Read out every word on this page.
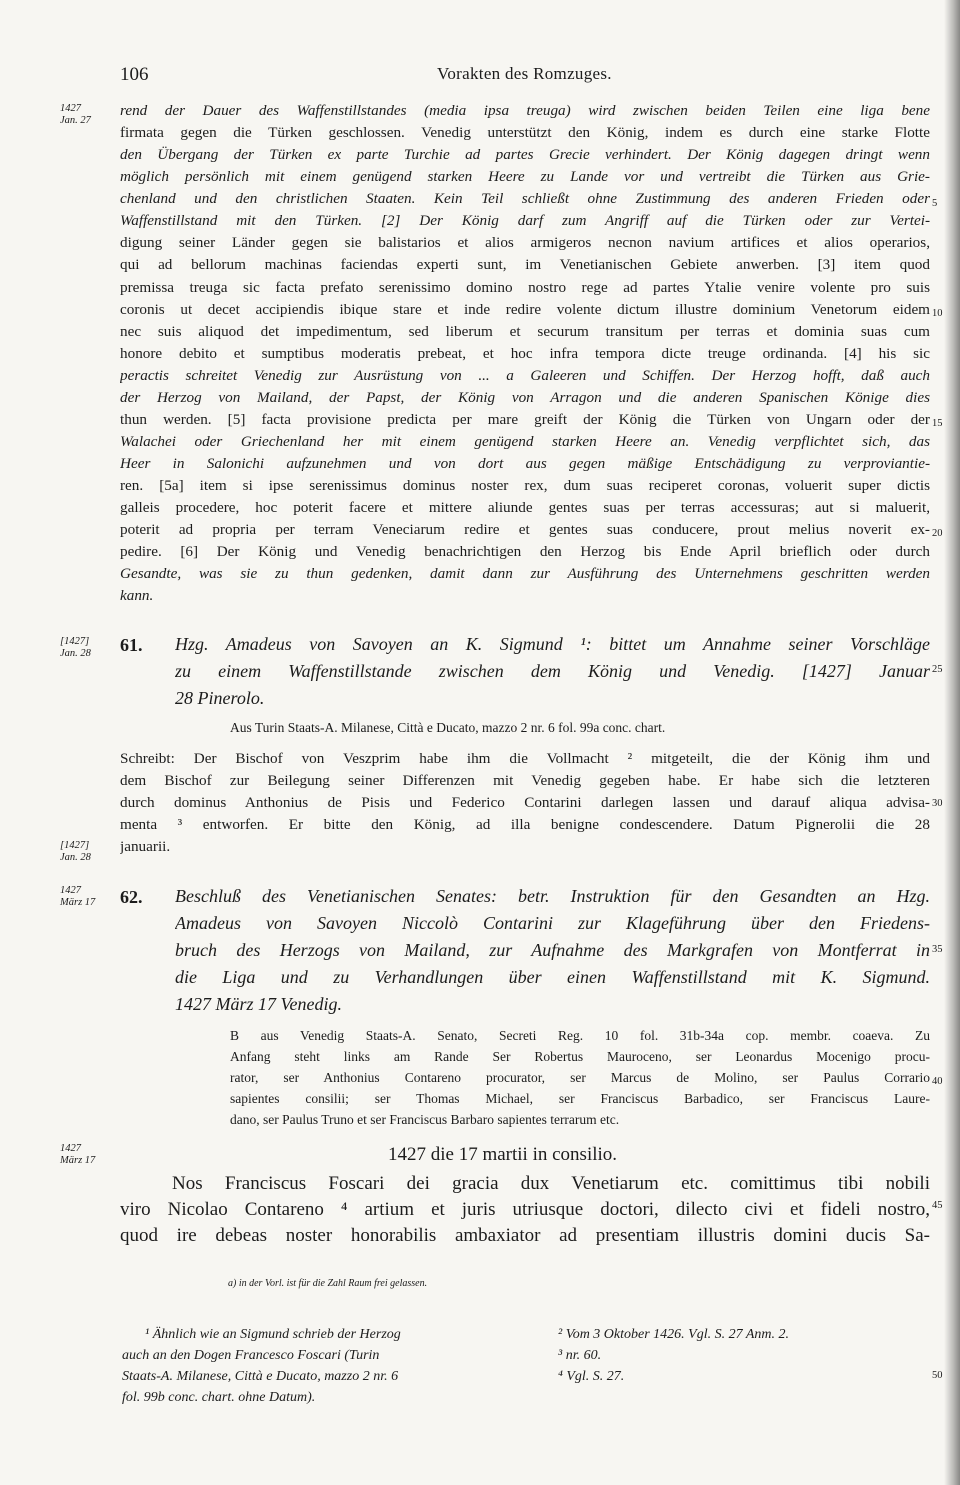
106	Vorakten des Romzuges.
1427
Jan. 27
[1427]
Jan. 28
[1427]
Jan. 28
1427
März 17
1427
März 17
5
10
15
20
25
30
35
40
45
50
rend der Dauer des Waffenstillstandes (media ipsa treuga) wird zwischen beiden Teilen eine liga bene
firmata gegen die Türken geschlossen. Venedig unterstützt den König, indem es durch eine starke Flotte
den Übergang der Türken ex parte Turchie ad partes Grecie verhindert. Der König dagegen dringt wenn
möglich persönlich mit einem genügend starken Heere zu Lande vor und vertreibt die Türken aus Grie-
chenland und den christlichen Staaten. Kein Teil schließt ohne Zustimmung des anderen Frieden oder
Waffenstillstand mit den Türken. [2] Der König darf zum Angriff auf die Türken oder zur Vertei-
digung seiner Länder gegen sie balistarios et alios armigeros necnon navium artifices et alios operarios,
qui ad bellorum machinas faciendas experti sunt, im Venetianischen Gebiete anwerben. [3] item quod
premissa treuga sic facta prefato serenissimo domino nostro rege ad partes Ytalie venire volente pro suis
coronis ut decet accipiendis ibique stare et inde redire volente dictum illustre dominium Venetorum eidem
nec suis aliquod det impedimentum, sed liberum et securum transitum per terras et dominia suas cum
honore debito et sumptibus moderatis prebeat, et hoc infra tempora dicte treuge ordinanda. [4] his sic
peractis schreitet Venedig zur Ausrüstung von ... a Galeeren und Schiffen. Der Herzog hofft, daß auch
der Herzog von Mailand, der Papst, der König von Arragon und die anderen Spanischen Könige dies
thun werden. [5] facta provisione predicta per mare greift der König die Türken von Ungarn oder der
Walachei oder Griechenland her mit einem genügend starken Heere an. Venedig verpflichtet sich, das
Heer in Salonichi aufzunehmen und von dort aus gegen mäßige Entschädigung zu verproviantie-
ren. [5a] item si ipse serenissimus dominus noster rex, dum suas reciperet coronas, voluerit super dictis
galleis procedere, hoc poterit facere et mittere aliunde gentes suas per terras accessuras; aut si maluerit,
poterit ad propria per terram Veneciarum redire et gentes suas conducere, prout melius noverit ex-
pedire. [6] Der König und Venedig benachrichtigen den Herzog bis Ende April brieflich oder durch
Gesandte, was sie zu thun gedenken, damit dann zur Ausführung des Unternehmens geschritten werden
kann.
61. Hzg. Amadeus von Savoyen an K. Sigmund ¹: bittet um Annahme seiner Vorschläge
zu einem Waffenstillstande zwischen dem König und Venedig. [1427] Januar
28 Pinerolo.
Aus Turin Staats-A. Milanese, Città e Ducato, mazzo 2 nr. 6 fol. 99a conc. chart.
Schreibt: Der Bischof von Veszprim habe ihm die Vollmacht ² mitgeteilt, die der König ihm und
dem Bischof zur Beilegung seiner Differenzen mit Venedig gegeben habe. Er habe sich die letzteren
durch dominus Anthonius de Pisis und Federico Contarini darlegen lassen und darauf aliqua advisa-
menta ³ entworfen. Er bitte den König, ad illa benigne condescendere. Datum Pignerolii die 28
januarii.
62. Beschluß des Venetianischen Senates: betr. Instruktion für den Gesandten an Hzg.
Amadeus von Savoyen Niccolò Contarini zur Klageführung über den Friedens-
bruch des Herzogs von Mailand, zur Aufnahme des Markgrafen von Montferrat in
die Liga und zu Verhandlungen über einen Waffenstillstand mit K. Sigmund.
1427 März 17 Venedig.
B aus Venedig Staats-A. Senato, Secreti Reg. 10 fol. 31b-34a cop. membr. coaeva. Zu
Anfang steht links am Rande Ser Robertus Mauroceno, ser Leonardus Mocenigo procu-
rator, ser Anthonius Contareno procurator, ser Marcus de Molino, ser Paulus Corrario
sapientes consilii; ser Thomas Michael, ser Franciscus Barbadico, ser Franciscus Laure-
dano, ser Paulus Truno et ser Franciscus Barbaro sapientes terrarum etc.
1427 die 17 martii in consilio.
Nos Franciscus Foscari dei gracia dux Venetiarum etc. comittimus tibi nobili
viro Nicolao Contareno ⁴ artium et juris utriusque doctori, dilecto civi et fideli nostro,
quod ire debeas noster honorabilis ambaxiator ad presentiam illustris domini ducis Sa-
a) in der Vorl. ist für die Zahl Raum frei gelassen.
¹ Ähnlich wie an Sigmund schrieb der Herzog
auch an den Dogen Francesco Foscari (Turin
Staats-A. Milanese, Città e Ducato, mazzo 2 nr. 6
fol. 99b conc. chart. ohne Datum).
² Vom 3 Oktober 1426. Vgl. S. 27 Anm. 2.
³ nr. 60.
⁴ Vgl. S. 27.
